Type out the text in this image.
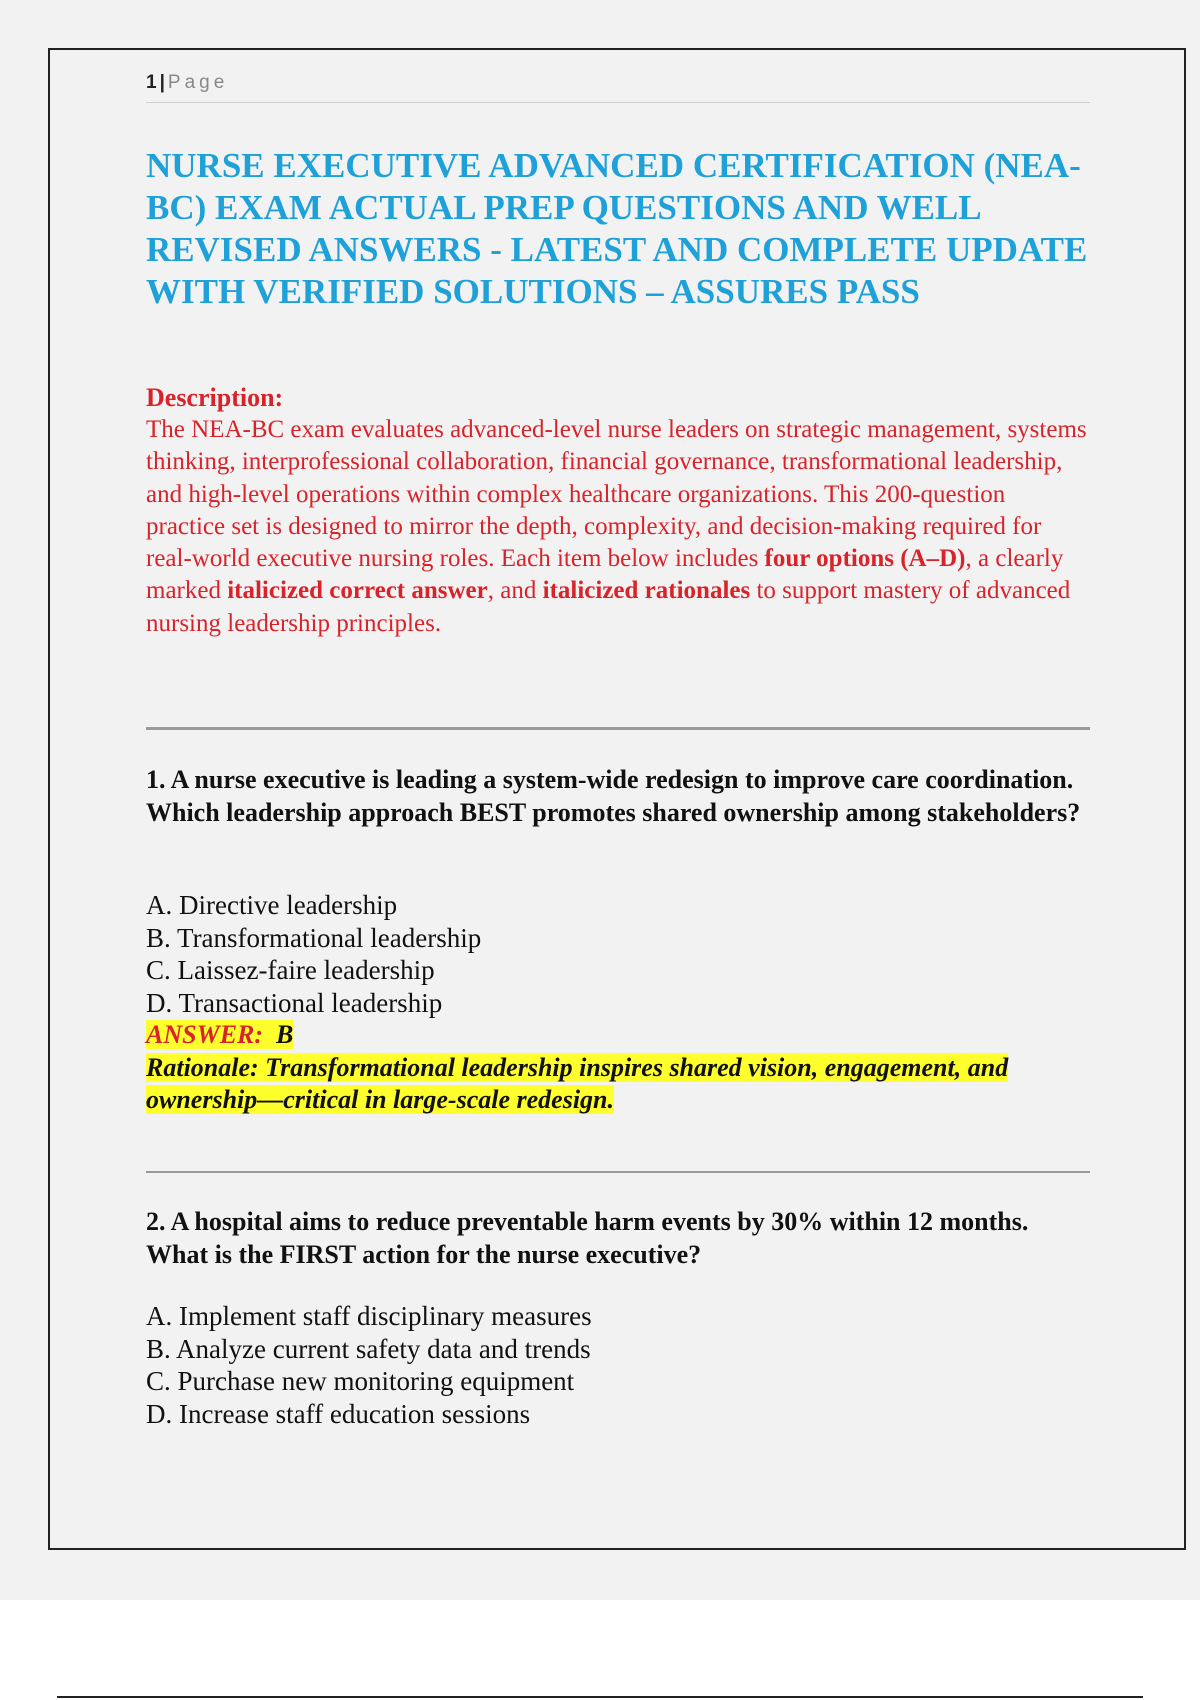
1 | Page
NURSE EXECUTIVE ADVANCED CERTIFICATION (NEA-BC) EXAM ACTUAL PREP QUESTIONS AND WELL REVISED ANSWERS - LATEST AND COMPLETE UPDATE WITH VERIFIED SOLUTIONS – ASSURES PASS
Description:
The NEA-BC exam evaluates advanced-level nurse leaders on strategic management, systems thinking, interprofessional collaboration, financial governance, transformational leadership, and high-level operations within complex healthcare organizations. This 200-question practice set is designed to mirror the depth, complexity, and decision-making required for real-world executive nursing roles. Each item below includes four options (A–D), a clearly marked italicized correct answer, and italicized rationales to support mastery of advanced nursing leadership principles.
1. A nurse executive is leading a system-wide redesign to improve care coordination. Which leadership approach BEST promotes shared ownership among stakeholders?
A. Directive leadership
B. Transformational leadership
C. Laissez-faire leadership
D. Transactional leadership
ANSWER: B
Rationale: Transformational leadership inspires shared vision, engagement, and ownership—critical in large-scale redesign.
2. A hospital aims to reduce preventable harm events by 30% within 12 months. What is the FIRST action for the nurse executive?
A. Implement staff disciplinary measures
B. Analyze current safety data and trends
C. Purchase new monitoring equipment
D. Increase staff education sessions
